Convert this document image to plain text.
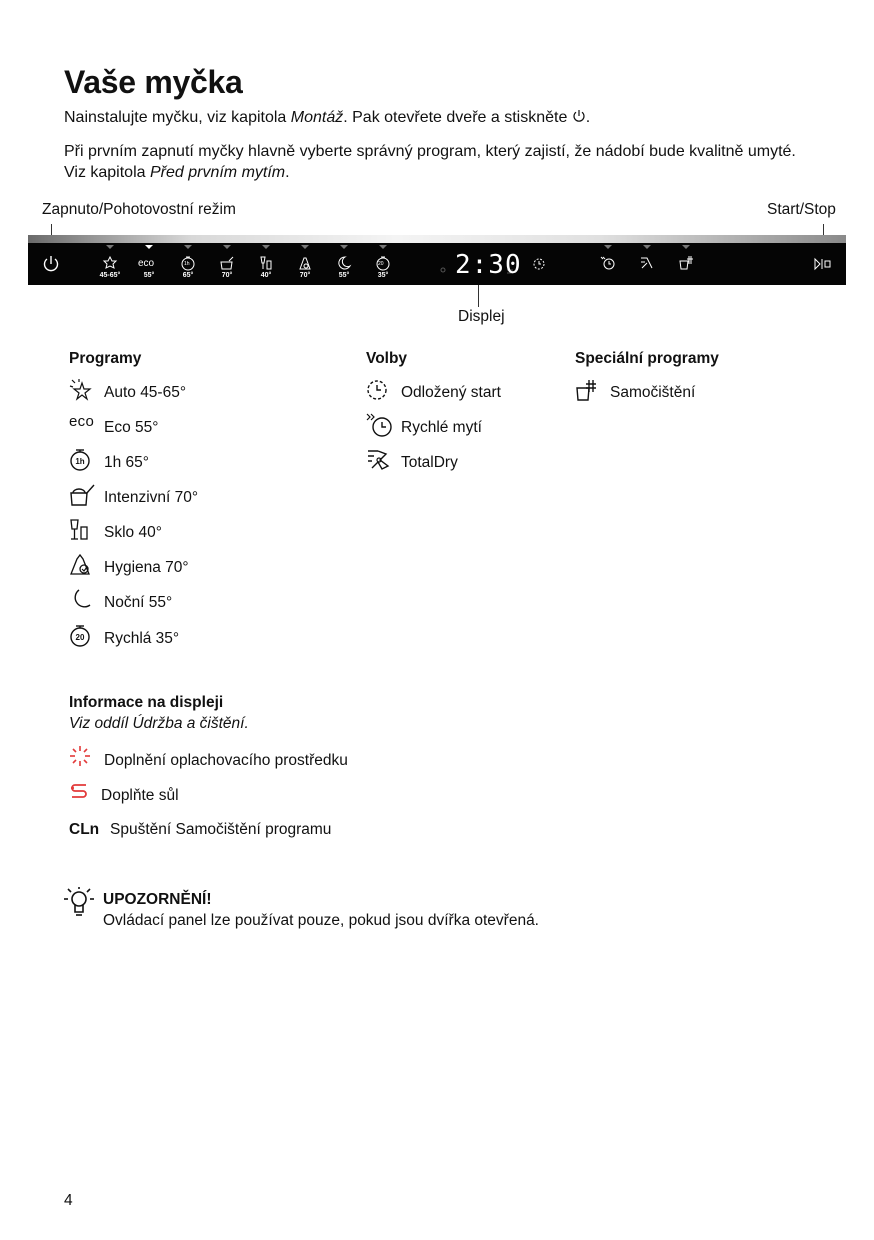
Vaše myčka

Nainstalujte myčku, viz kapitola Montáž. Pak otevřete dveře a stiskněte .

Při prvním zapnutí myčky hlavně vyberte správný program, který zajistí, že nádobí bude kvalitně umyté.
Viz kapitola Před prvním mytím.

Zapnuto/Pohotovostní režim	Start/Stop
45-65°
eco
55°
1h
65°	70°	40°	70°	55°
20
35°	2:30
Displej
Programy
Auto 45-65°
eco Eco 55°
1h 1h 65°
Intenzivní 70°
Sklo 40°
Hygiena 70°
Noční 55°
20 Rychlá 35°
Volby
Odložený start
Rychlé mytí
TotalDry
Speciální programy
Samočištění
Informace na displeji
Viz oddíl Údržba a čištění.
Doplnění oplachovacího prostředku
Doplňte sůl
CLn Spuštění Samočištění programu
UPOZORNĚNÍ!
Ovládací panel lze používat pouze, pokud jsou dvířka otevřená.
4
